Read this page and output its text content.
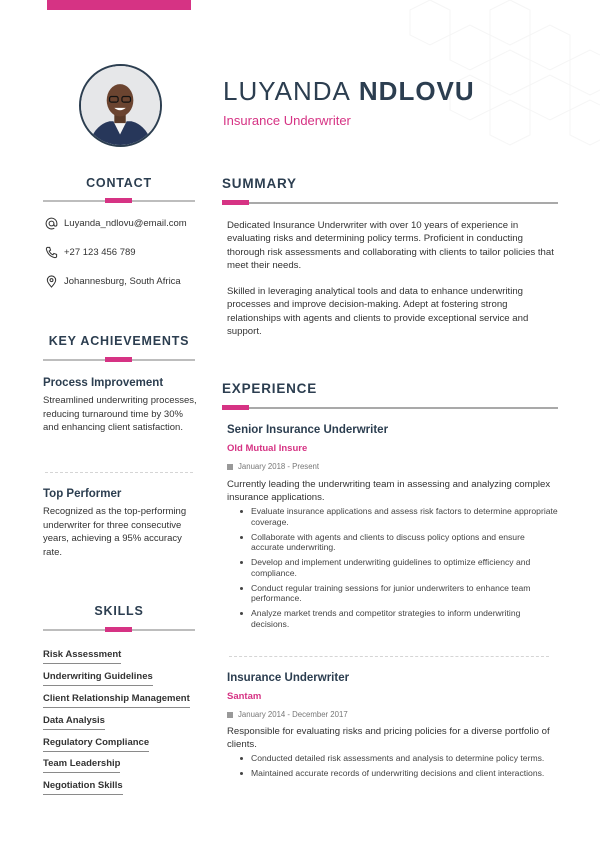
LUYANDA NDLOVU
Insurance Underwriter
CONTACT
Luyanda_ndlovu@email.com
+27 123 456 789
Johannesburg, South Africa
KEY ACHIEVEMENTS
Process Improvement
Streamlined underwriting processes, reducing turnaround time by 30% and enhancing client satisfaction.
Top Performer
Recognized as the top-performing underwriter for three consecutive years, achieving a 95% accuracy rate.
SKILLS
Risk Assessment
Underwriting Guidelines
Client Relationship Management
Data Analysis
Regulatory Compliance
Team Leadership
Negotiation Skills
SUMMARY
Dedicated Insurance Underwriter with over 10 years of experience in evaluating risks and determining policy terms. Proficient in conducting thorough risk assessments and collaborating with clients to tailor policies that meet their needs.
Skilled in leveraging analytical tools and data to enhance underwriting processes and improve decision-making. Adept at fostering strong relationships with agents and clients to provide exceptional service and support.
EXPERIENCE
Senior Insurance Underwriter
Old Mutual Insure
January 2018 - Present
Currently leading the underwriting team in assessing and analyzing complex insurance applications.
Evaluate insurance applications and assess risk factors to determine appropriate coverage.
Collaborate with agents and clients to discuss policy options and ensure accurate underwriting.
Develop and implement underwriting guidelines to optimize efficiency and compliance.
Conduct regular training sessions for junior underwriters to enhance team performance.
Analyze market trends and competitor strategies to inform underwriting decisions.
Insurance Underwriter
Santam
January 2014 - December 2017
Responsible for evaluating risks and pricing policies for a diverse portfolio of clients.
Conducted detailed risk assessments and analysis to determine policy terms.
Maintained accurate records of underwriting decisions and client interactions.
